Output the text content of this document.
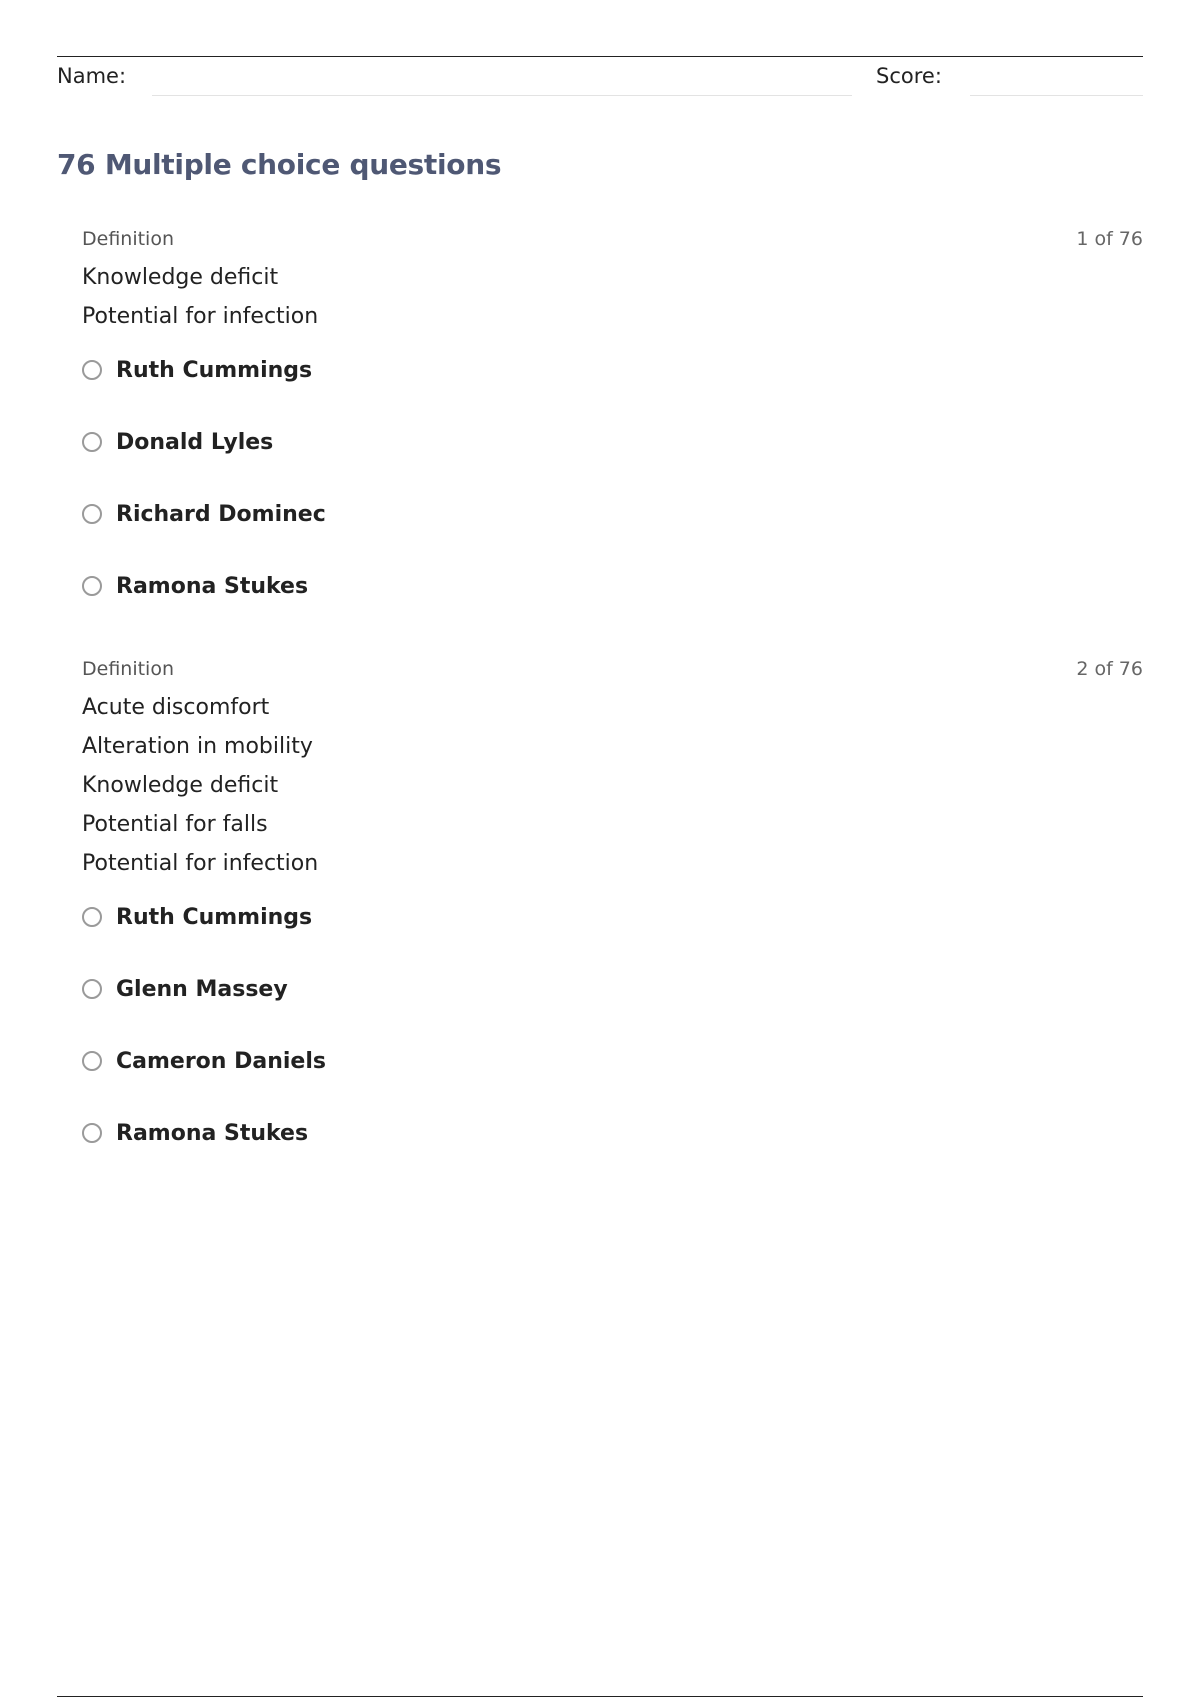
Name:	Score:
76 Multiple choice questions
Definition	1 of 76
Knowledge deficit
Potential for infection
Ruth Cummings
Donald Lyles
Richard Dominec
Ramona Stukes
Definition	2 of 76
Acute discomfort
Alteration in mobility
Knowledge deficit
Potential for falls
Potential for infection
Ruth Cummings
Glenn Massey
Cameron Daniels
Ramona Stukes
